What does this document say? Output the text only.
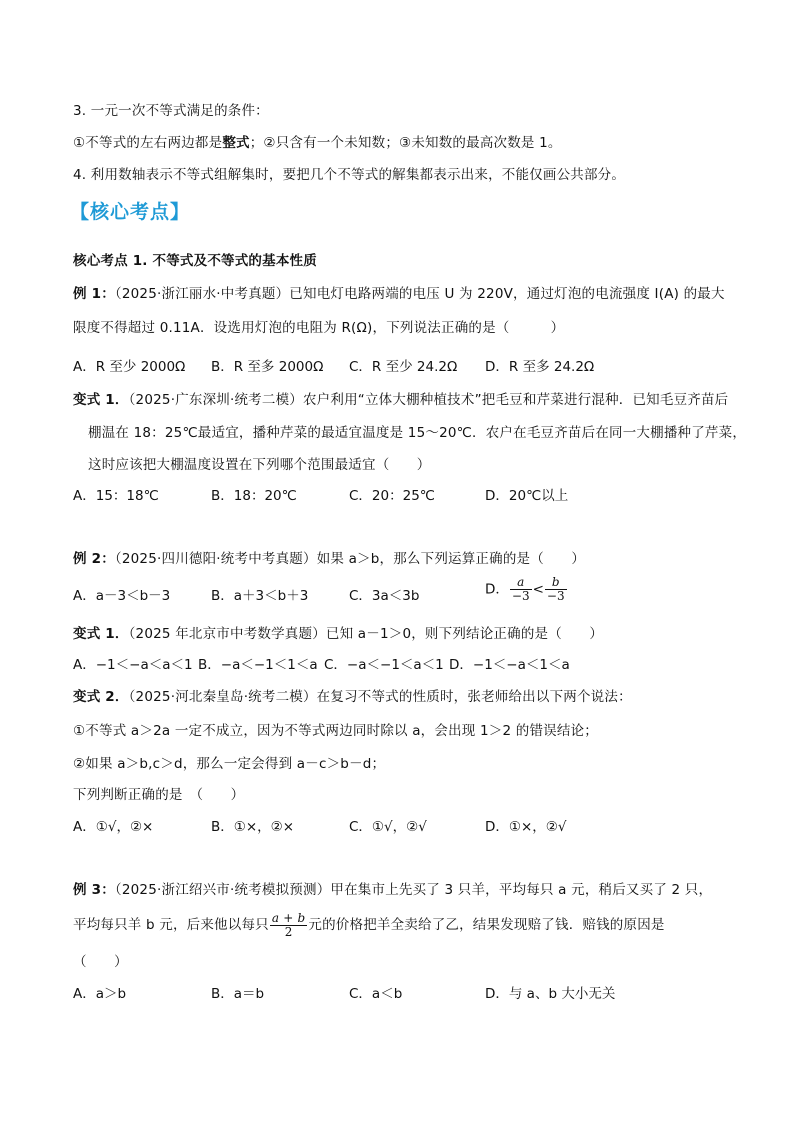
3. 一元一次不等式满足的条件：
①不等式的左右两边都是整式；②只含有一个未知数；③未知数的最高次数是 1。
4. 利用数轴表示不等式组解集时，要把几个不等式的解集都表示出来，不能仅画公共部分。
【核心考点】
核心考点 1. 不等式及不等式的基本性质
例 1：（2025·浙江丽水·中考真题）已知电灯电路两端的电压 U 为 220V，通过灯泡的电流强度 I(A) 的最大
限度不得超过 0.11A．设选用灯泡的电阻为 R(Ω)，下列说法正确的是（　　　）
A．R 至少 2000Ω B．R 至多 2000Ω C．R 至少 24.2Ω D．R 至多 24.2Ω
变式 1．（2025·广东深圳·统考二模）农户利用“立体大棚种植技术”把毛豆和芹菜进行混种．已知毛豆齐苗后
棚温在 18：25℃最适宜，播种芹菜的最适宜温度是 15～20℃．农户在毛豆齐苗后在同一大棚播种了芹菜，
这时应该把大棚温度设置在下列哪个范围最适宜（　　）
A．15：18℃	B．18：20℃	C．20：25℃	D．20℃以上
例 2：（2025·四川德阳·统考中考真题）如果 a＞b，那么下列运算正确的是（　　）
A．a－3＜b－3	B．a＋3＜b＋3	C．3a＜3b	D． $\frac{a}{-3} < \frac{b}{-3}$
变式 1．（2025 年北京市中考数学真题）已知 a－1＞0，则下列结论正确的是（　　）
A．−1＜−a＜a＜1 B．−a＜−1＜1＜a C．−a＜−1＜a＜1 D．−1＜−a＜1＜a
变式 2．（2025·河北秦皇岛·统考二模）在复习不等式的性质时，张老师给出以下两个说法：
①不等式 a＞2a 一定不成立，因为不等式两边同时除以 a，会出现 1＞2 的错误结论；
②如果 a＞b,c＞d，那么一定会得到 a－c＞b－d；
下列判断正确的是　（　　）
A．①√，②×	B．①×，②×	C．①√，②√	D．①×，②√
例 3：（2025·浙江绍兴市·统考模拟预测）甲在集市上先买了 3 只羊，平均每只 a 元，稍后又买了 2 只，
平均每只羊 b 元，后来他以每只 $\frac{a + b}{2}$ 元的价格把羊全卖给了乙，结果发现赔了钱．赔钱的原因是
（　　）
A．a＞b	B．a＝b	C．a＜b	D．与 a、b 大小无关
